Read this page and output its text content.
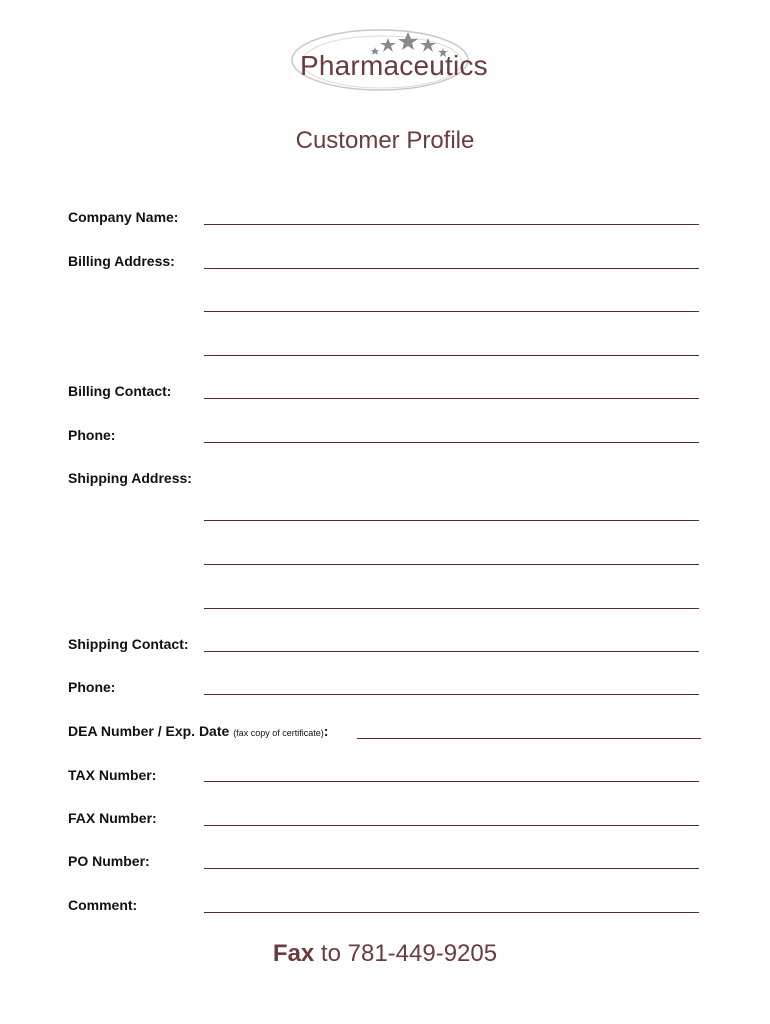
Pharmaceutics
Customer Profile
Company Name:
Billing Address:
Billing Contact:
Phone:
Shipping Address:
Shipping Contact:
Phone:
DEA Number / Exp. Date (fax copy of certificate):
TAX Number:
FAX Number:
PO Number:
Comment:
Fax to 781-449-9205
